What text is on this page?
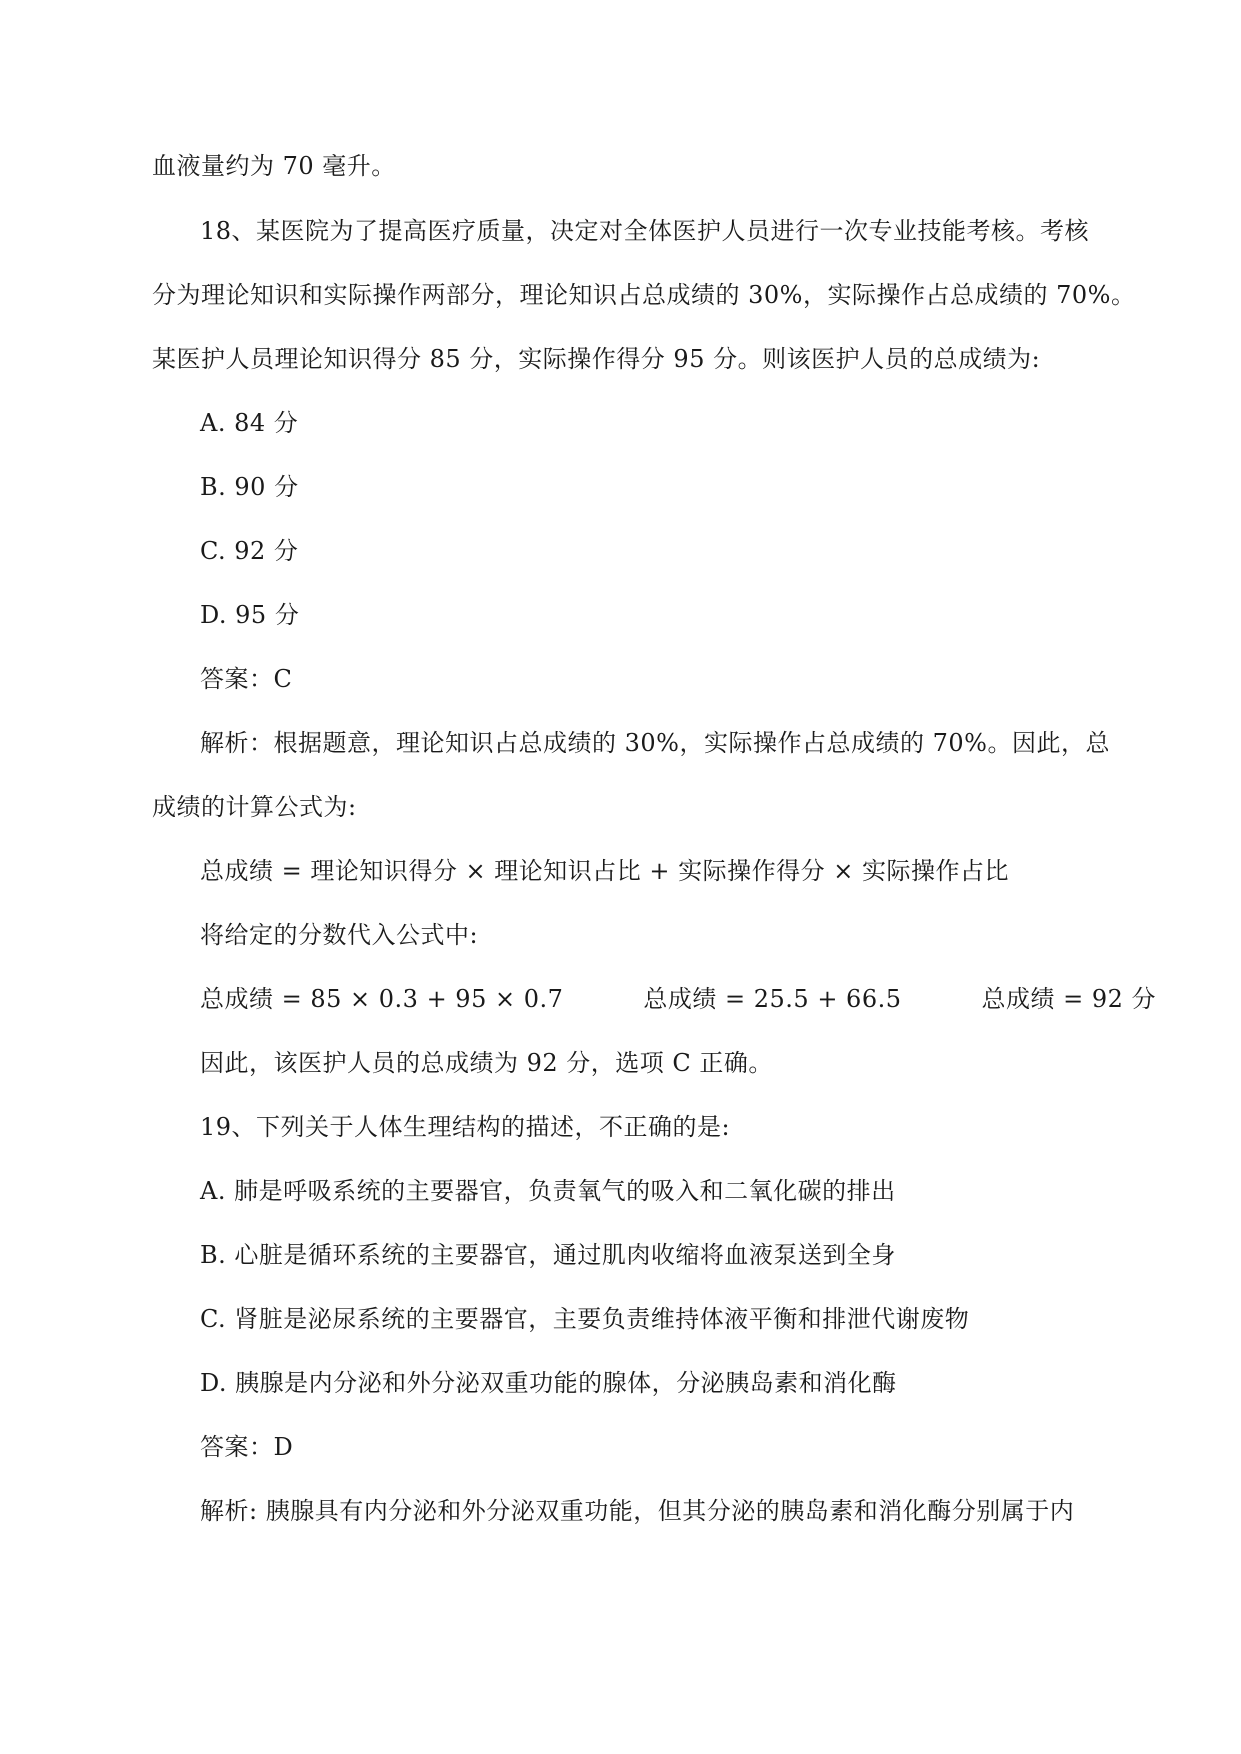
血液量约为 70 毫升。
18、某医院为了提高医疗质量，决定对全体医护人员进行一次专业技能考核。考核
分为理论知识和实际操作两部分，理论知识占总成绩的 30%，实际操作占总成绩的 70%。
某医护人员理论知识得分 85 分，实际操作得分 95 分。则该医护人员的总成绩为:
A. 84 分
B. 90 分
C. 92 分
D. 95 分
答案：C
解析：根据题意，理论知识占总成绩的 30%，实际操作占总成绩的 70%。因此，总
成绩的计算公式为:
总成绩 = 理论知识得分 × 理论知识占比 + 实际操作得分 × 实际操作占比
将给定的分数代入公式中:
总成绩 = 85 × 0.3 + 95 × 0.7	总成绩 = 25.5 + 66.5	总成绩 = 92 分
因此，该医护人员的总成绩为 92 分，选项 C 正确。
19、下列关于人体生理结构的描述，不正确的是:
A. 肺是呼吸系统的主要器官，负责氧气的吸入和二氧化碳的排出
B. 心脏是循环系统的主要器官，通过肌肉收缩将血液泵送到全身
C. 肾脏是泌尿系统的主要器官，主要负责维持体液平衡和排泄代谢废物
D. 胰腺是内分泌和外分泌双重功能的腺体，分泌胰岛素和消化酶
答案：D
解析: 胰腺具有内分泌和外分泌双重功能，但其分泌的胰岛素和消化酶分别属于内
